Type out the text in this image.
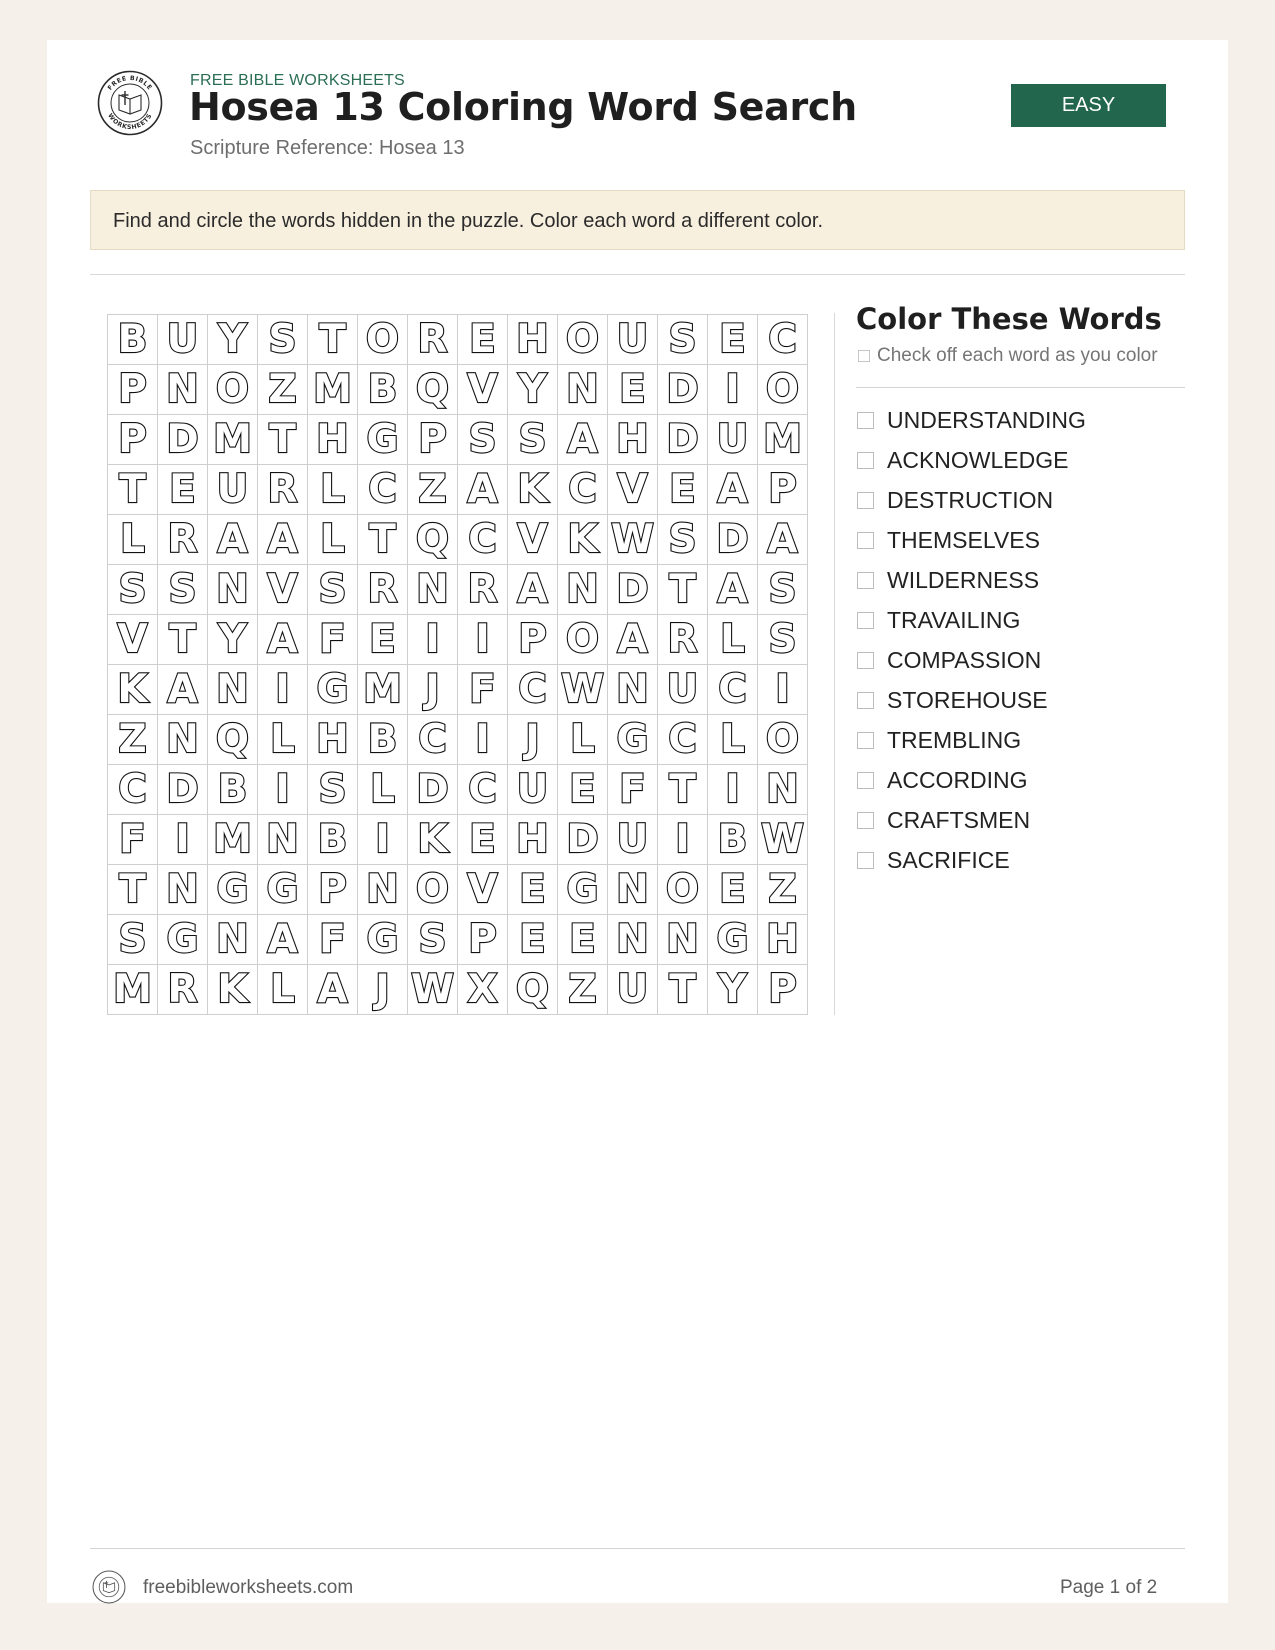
FREE BIBLE
WORKSHEETS
FREE BIBLE WORKSHEETS
Hosea 13 Coloring Word Search
Scripture Reference: Hosea 13
EASY
Find and circle the words hidden in the puzzle. Color each word a different color.
B U Y S T O R E H O U S E C
P N O Z M B Q V Y N E D I O
P D M T H G P S S A H D U M
T E U R L C Z A K C V E A P
L R A A L T Q C V K W S D A
S S N V S R N R A N D T A S
V T Y A F E I I P O A R L S
K A N I G M J F C W N U C I
Z N Q L H B C I J L G C L O
C D B I S L D C U E F T I N
F I M N B I K E H D U I B W
T N G G P N O V E G N O E Z
S G N A F G S P E E N N G H
M R K L A J W X Q Z U T Y P
Color These Words
Check off each word as you color
UNDERSTANDING
ACKNOWLEDGE
DESTRUCTION
THEMSELVES
WILDERNESS
TRAVAILING
COMPASSION
STOREHOUSE
TREMBLING
ACCORDING
CRAFTSMEN
SACRIFICE
freebibleworksheets.com	Page 1 of 2
